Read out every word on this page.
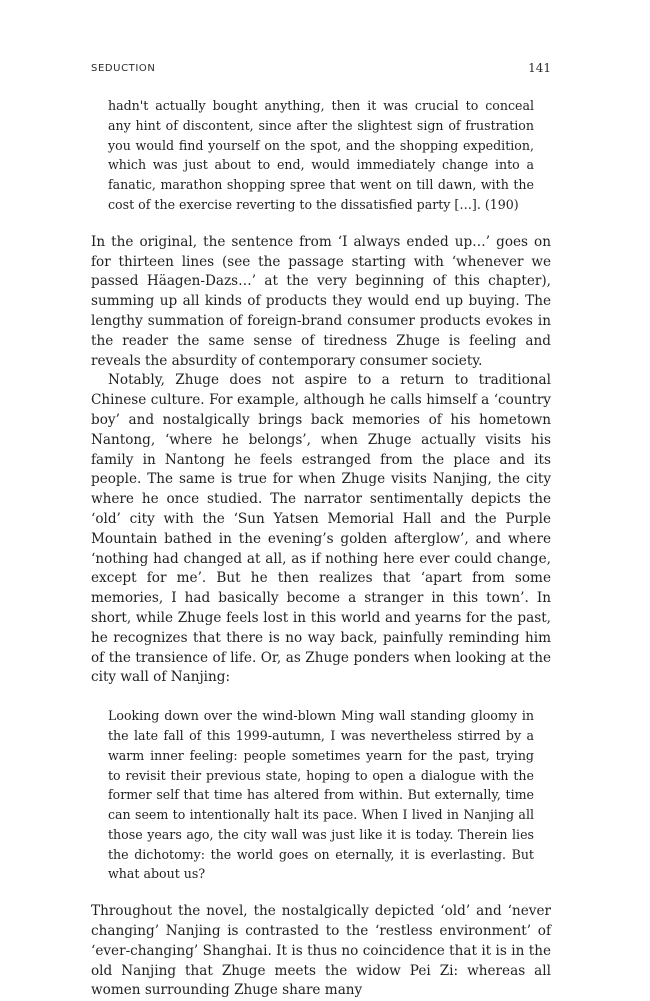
SEDUCTION	141

hadn't actually bought anything, then it was crucial to conceal any hint of discontent, since after the slightest sign of frustration you would find yourself on the spot, and the shopping expedition, which was just about to end, would immediately change into a fanatic, marathon shopping spree that went on till dawn, with the cost of the exercise reverting to the dissatisfied party […]. (190)

In the original, the sentence from ‘I always ended up…’ goes on for thirteen lines (see the passage starting with ‘whenever we passed Häagen-Dazs…’ at the very beginning of this chapter), summing up all kinds of products they would end up buying. The lengthy summation of foreign-brand consumer products evokes in the reader the same sense of tiredness Zhuge is feeling and reveals the absurdity of contemporary consumer society.

Notably, Zhuge does not aspire to a return to traditional Chinese culture. For example, although he calls himself a ‘country boy’ and nostalgically brings back memories of his hometown Nantong, ‘where he belongs’, when Zhuge actually visits his family in Nantong he feels estranged from the place and its people. The same is true for when Zhuge visits Nanjing, the city where he once studied. The narrator sentimentally depicts the ‘old’ city with the ‘Sun Yatsen Memorial Hall and the Purple Mountain bathed in the evening’s golden afterglow’, and where ‘nothing had changed at all, as if nothing here ever could change, except for me’. But he then realizes that ‘apart from some memories, I had basically become a stranger in this town’. In short, while Zhuge feels lost in this world and yearns for the past, he recognizes that there is no way back, painfully reminding him of the transience of life. Or, as Zhuge ponders when looking at the city wall of Nanjing:

Looking down over the wind-blown Ming wall standing gloomy in the late fall of this 1999-autumn, I was nevertheless stirred by a warm inner feeling: people sometimes yearn for the past, trying to revisit their previous state, hoping to open a dialogue with the former self that time has altered from within. But externally, time can seem to intentionally halt its pace. When I lived in Nanjing all those years ago, the city wall was just like it is today. Therein lies the dichotomy: the world goes on eternally, it is everlasting. But what about us?

Throughout the novel, the nostalgically depicted ‘old’ and ‘never changing’ Nanjing is contrasted to the ‘restless environment’ of ‘ever-changing’ Shanghai. It is thus no coincidence that it is in the old Nanjing that Zhuge meets the widow Pei Zi: whereas all women surrounding Zhuge share many
